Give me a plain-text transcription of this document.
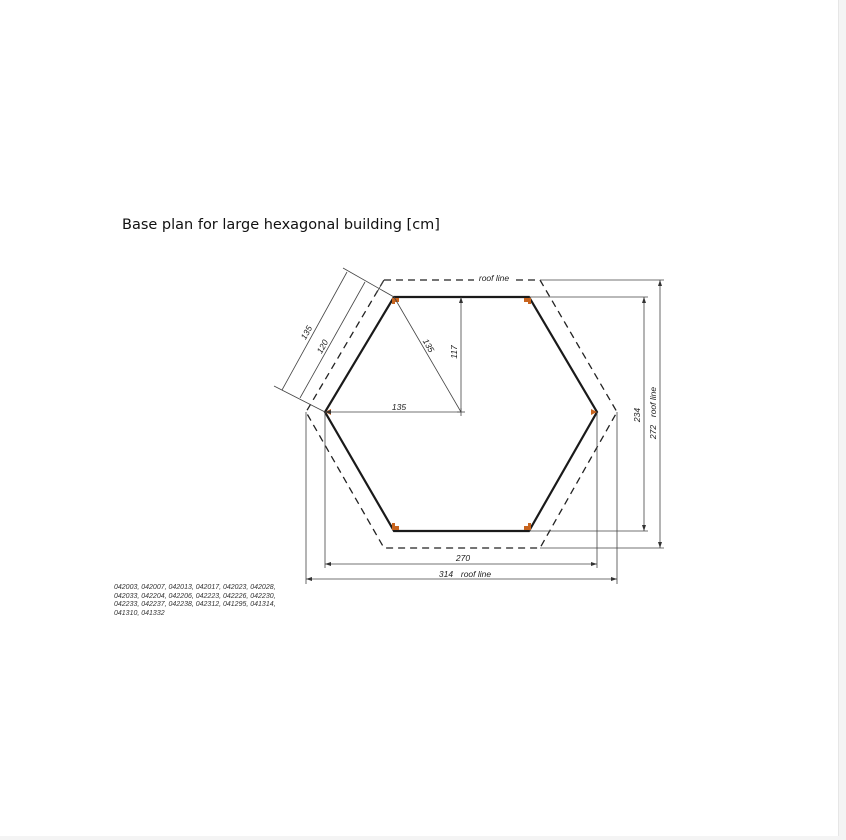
Base plan for large hexagonal building [cm]
roof line
135
120	135 117
135
234
272
roof line
270
314 roof line
042003, 042007, 042013, 042017, 042023, 042028,
042033, 042204, 042206, 042223, 042226, 042230,
042233, 042237, 042238, 042312, 041295, 041314,
041310, 041332
